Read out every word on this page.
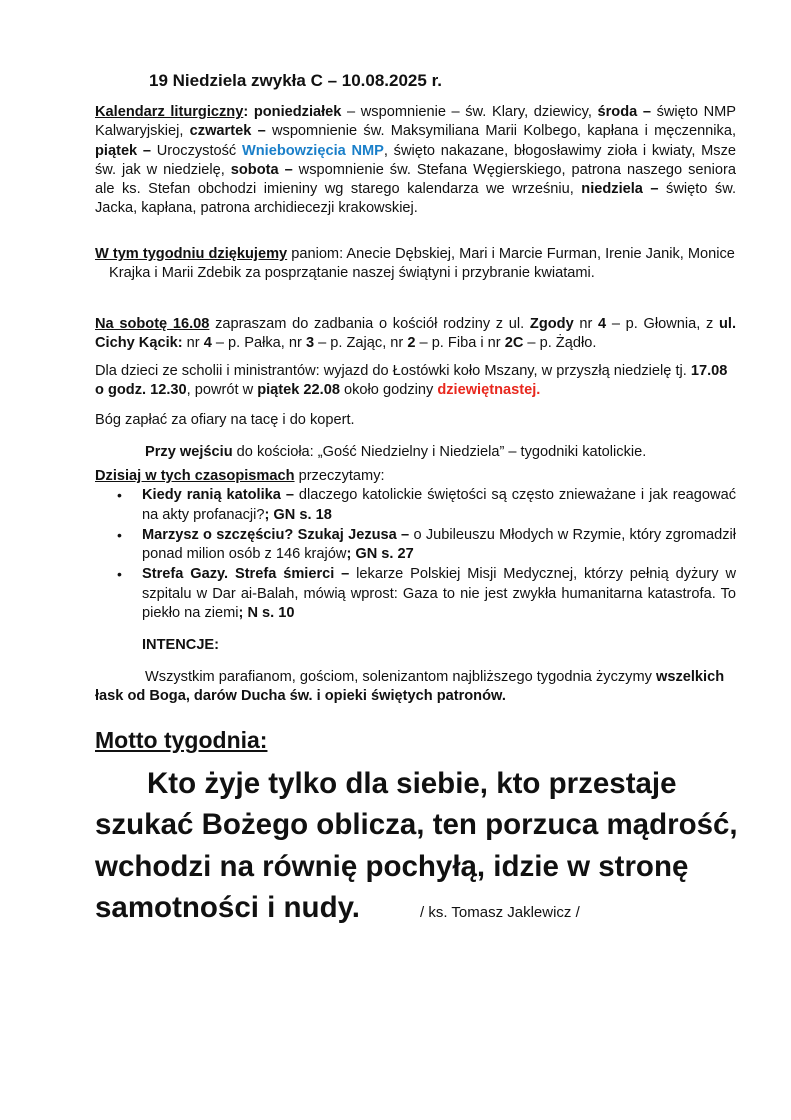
19 Niedziela zwykła C – 10.08.2025 r.

Kalendarz liturgiczny: poniedziałek – wspomnienie – św. Klary, dziewicy, środa – święto NMP Kalwaryjskiej, czwartek – wspomnienie św. Maksymiliana Marii Kolbego, kapłana i męczennika, piątek – Uroczystość Wniebowzięcia NMP, święto nakazane, błogosławimy zioła i kwiaty, Msze św. jak w niedzielę, sobota – wspomnienie św. Stefana Węgierskiego, patrona naszego seniora ale ks. Stefan obchodzi imieniny wg starego kalendarza we wrześniu, niedziela – święto św. Jacka, kapłana, patrona archidiecezji krakowskiej.

W tym tygodniu dziękujemy paniom: Anecie Dębskiej, Mari i Marcie Furman, Irenie Janik, Monice Krajka i Marii Zdebik za posprzątanie naszej świątyni i przybranie kwiatami.

Na sobotę 16.08 zapraszam do zadbania o kościół rodziny z ul. Zgody nr 4 – p. Głownia, z ul. Cichy Kącik: nr 4 – p. Pałka, nr 3 – p. Zając, nr 2 – p. Fiba i nr 2C – p. Żądło.

Dla dzieci ze scholii i ministrantów: wyjazd do Łostówki koło Mszany, w przyszłą niedzielę tj. 17.08 o godz. 12.30, powrót w piątek 22.08 około godziny dziewiętnastej.

Bóg zapłać za ofiary na tacę i do kopert.

Przy wejściu do kościoła: „Gość Niedzielny i Niedziela” – tygodniki katolickie.

Dzisiaj w tych czasopismach przeczytamy:
• Kiedy ranią katolika – dlaczego katolickie świętości są często znieważane i jak reagować na akty profanacji?; GN s. 18
• Marzysz o szczęściu? Szukaj Jezusa – o Jubileuszu Młodych w Rzymie, który zgromadził ponad milion osób z 146 krajów; GN s. 27
• Strefa Gazy. Strefa śmierci – lekarze Polskiej Misji Medycznej, którzy pełnią dyżury w szpitalu w Dar ai-Balah, mówią wprost: Gaza to nie jest zwykła humanitarna katastrofa. To piekło na ziemi; N s. 10

INTENCJE:

Wszystkim parafianom, gościom, solenizantom najbliższego tygodnia życzymy wszelkich łask od Boga, darów Ducha św. i opieki świętych patronów.

Motto tygodnia:

Kto żyje tylko dla siebie, kto przestaje szukać Bożego oblicza, ten porzuca mądrość, wchodzi na równię pochyłą, idzie w stronę samotności i nudy.	/ ks. Tomasz Jaklewicz /
